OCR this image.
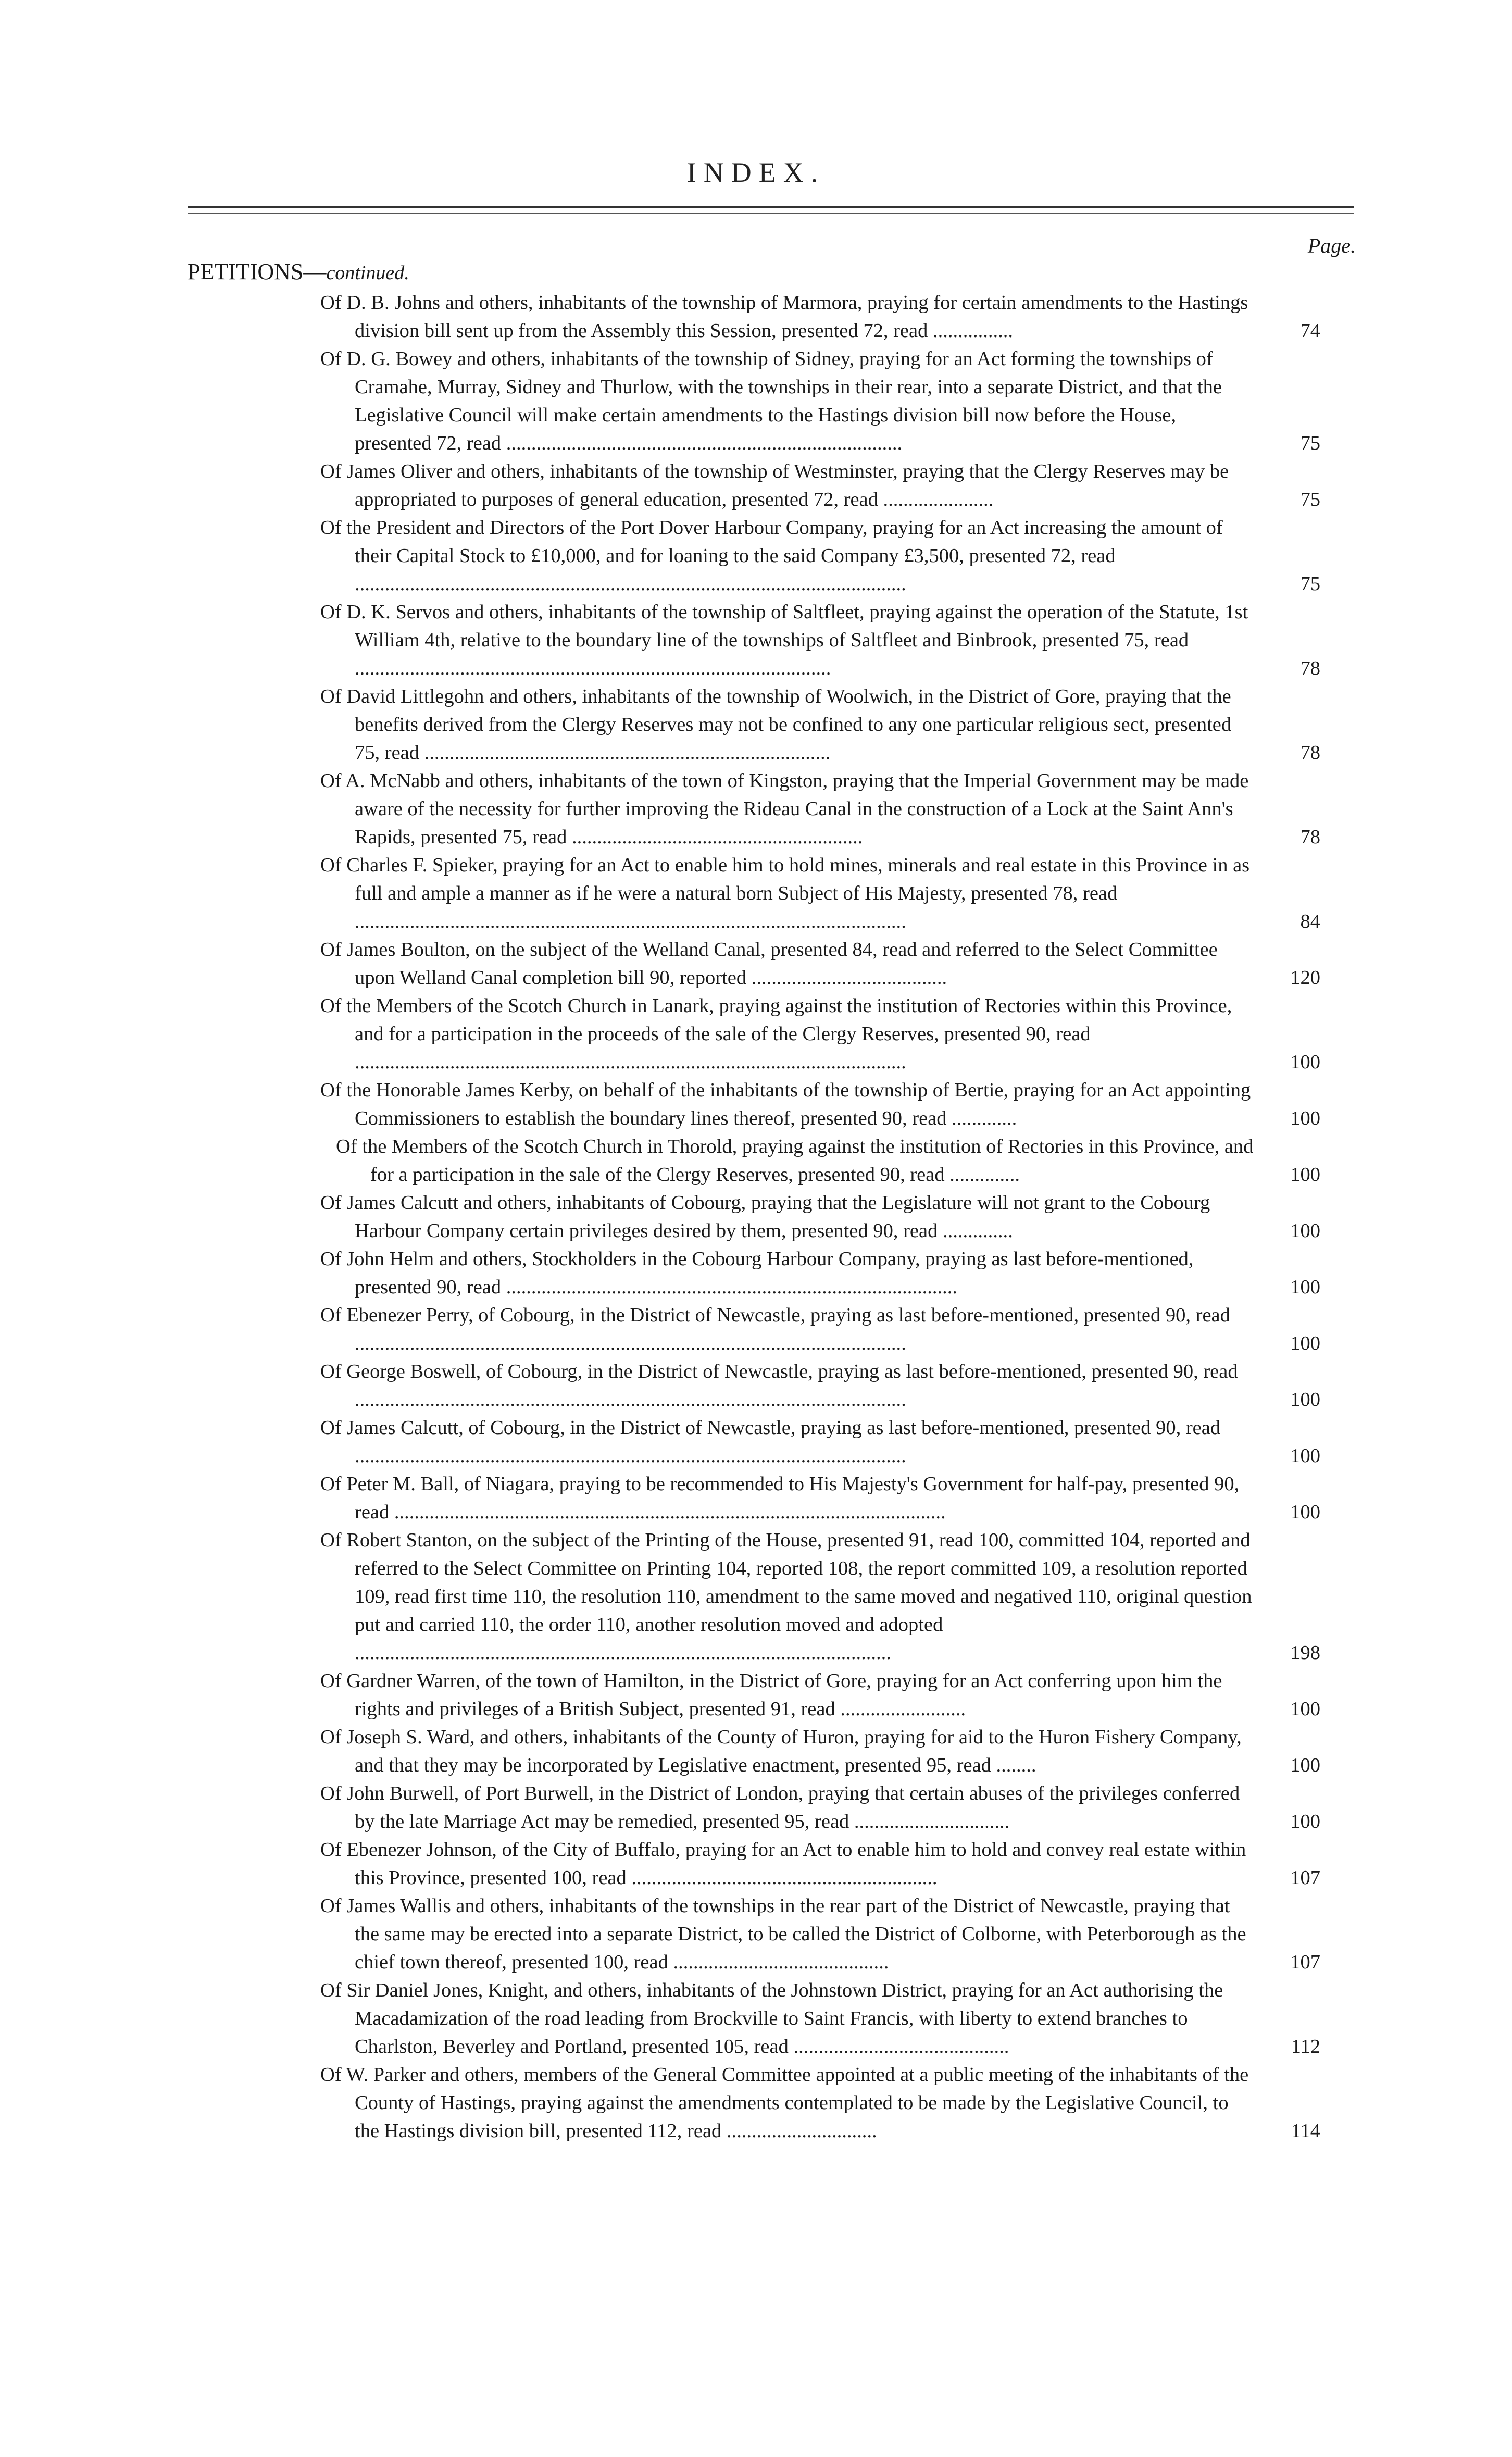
INDEX.
Page.
PETITIONS—continued.
Of D. B. Johns and others, inhabitants of the township of Marmora, praying for certain amendments to the Hastings division bill sent up from the Assembly this Session, presented 72, read ................	74
Of D. G. Bowey and others, inhabitants of the township of Sidney, praying for an Act forming the townships of Cramahe, Murray, Sidney and Thurlow, with the townships in their rear, into a separate District, and that the Legislative Council will make certain amendments to the Hastings division bill now before the House, presented 72, read ...............................................................................	75
Of James Oliver and others, inhabitants of the township of Westminster, praying that the Clergy Reserves may be appropriated to purposes of general education, presented 72, read ......................	75
Of the President and Directors of the Port Dover Harbour Company, praying for an Act increasing the amount of their Capital Stock to £10,000, and for loaning to the said Company £3,500, presented 72, read ..............................................................................................................	75
Of D. K. Servos and others, inhabitants of the township of Saltfleet, praying against the operation of the Statute, 1st William 4th, relative to the boundary line of the townships of Saltfleet and Binbrook, presented 75, read ...............................................................................................	78
Of David Littlegohn and others, inhabitants of the township of Woolwich, in the District of Gore, praying that the benefits derived from the Clergy Reserves may not be confined to any one particular religious sect, presented 75, read .................................................................................	78
Of A. McNabb and others, inhabitants of the town of Kingston, praying that the Imperial Government may be made aware of the necessity for further improving the Rideau Canal in the construction of a Lock at the Saint Ann's Rapids, presented 75, read ..........................................................	78
Of Charles F. Spieker, praying for an Act to enable him to hold mines, minerals and real estate in this Province in as full and ample a manner as if he were a natural born Subject of His Majesty, presented 78, read ..............................................................................................................	84
Of James Boulton, on the subject of the Welland Canal, presented 84, read and referred to the Select Committee upon Welland Canal completion bill 90, reported .......................................	120
Of the Members of the Scotch Church in Lanark, praying against the institution of Rectories within this Province, and for a participation in the proceeds of the sale of the Clergy Reserves, presented 90, read ..............................................................................................................	100
Of the Honorable James Kerby, on behalf of the inhabitants of the township of Bertie, praying for an Act appointing Commissioners to establish the boundary lines thereof, presented 90, read .............	100
Of the Members of the Scotch Church in Thorold, praying against the institution of Rectories in this Province, and for a participation in the sale of the Clergy Reserves, presented 90, read ..............	100
Of James Calcutt and others, inhabitants of Cobourg, praying that the Legislature will not grant to the Cobourg Harbour Company certain privileges desired by them, presented 90, read ..............	100
Of John Helm and others, Stockholders in the Cobourg Harbour Company, praying as last before-mentioned, presented 90, read ..........................................................................................	100
Of Ebenezer Perry, of Cobourg, in the District of Newcastle, praying as last before-mentioned, presented 90, read ..............................................................................................................	100
Of George Boswell, of Cobourg, in the District of Newcastle, praying as last before-mentioned, presented 90, read ..............................................................................................................	100
Of James Calcutt, of Cobourg, in the District of Newcastle, praying as last before-mentioned, presented 90, read ..............................................................................................................	100
Of Peter M. Ball, of Niagara, praying to be recommended to His Majesty's Government for half-pay, presented 90, read ..............................................................................................................	100
Of Robert Stanton, on the subject of the Printing of the House, presented 91, read 100, committed 104, reported and referred to the Select Committee on Printing 104, reported 108, the report committed 109, a resolution reported 109, read first time 110, the resolution 110, amendment to the same moved and negatived 110, original question put and carried 110, the order 110, another resolution moved and adopted ...........................................................................................................	198
Of Gardner Warren, of the town of Hamilton, in the District of Gore, praying for an Act conferring upon him the rights and privileges of a British Subject, presented 91, read .........................	100
Of Joseph S. Ward, and others, inhabitants of the County of Huron, praying for aid to the Huron Fishery Company, and that they may be incorporated by Legislative enactment, presented 95, read ........	100
Of John Burwell, of Port Burwell, in the District of London, praying that certain abuses of the privileges conferred by the late Marriage Act may be remedied, presented 95, read ...............................	100
Of Ebenezer Johnson, of the City of Buffalo, praying for an Act to enable him to hold and convey real estate within this Province, presented 100, read .............................................................	107
Of James Wallis and others, inhabitants of the townships in the rear part of the District of Newcastle, praying that the same may be erected into a separate District, to be called the District of Colborne, with Peterborough as the chief town thereof, presented 100, read ...........................................	107
Of Sir Daniel Jones, Knight, and others, inhabitants of the Johnstown District, praying for an Act authorising the Macadamization of the road leading from Brockville to Saint Francis, with liberty to extend branches to Charlston, Beverley and Portland, presented 105, read ...........................................	112
Of W. Parker and others, members of the General Committee appointed at a public meeting of the inhabitants of the County of Hastings, praying against the amendments contemplated to be made by the Legislative Council, to the Hastings division bill, presented 112, read ..............................	114
